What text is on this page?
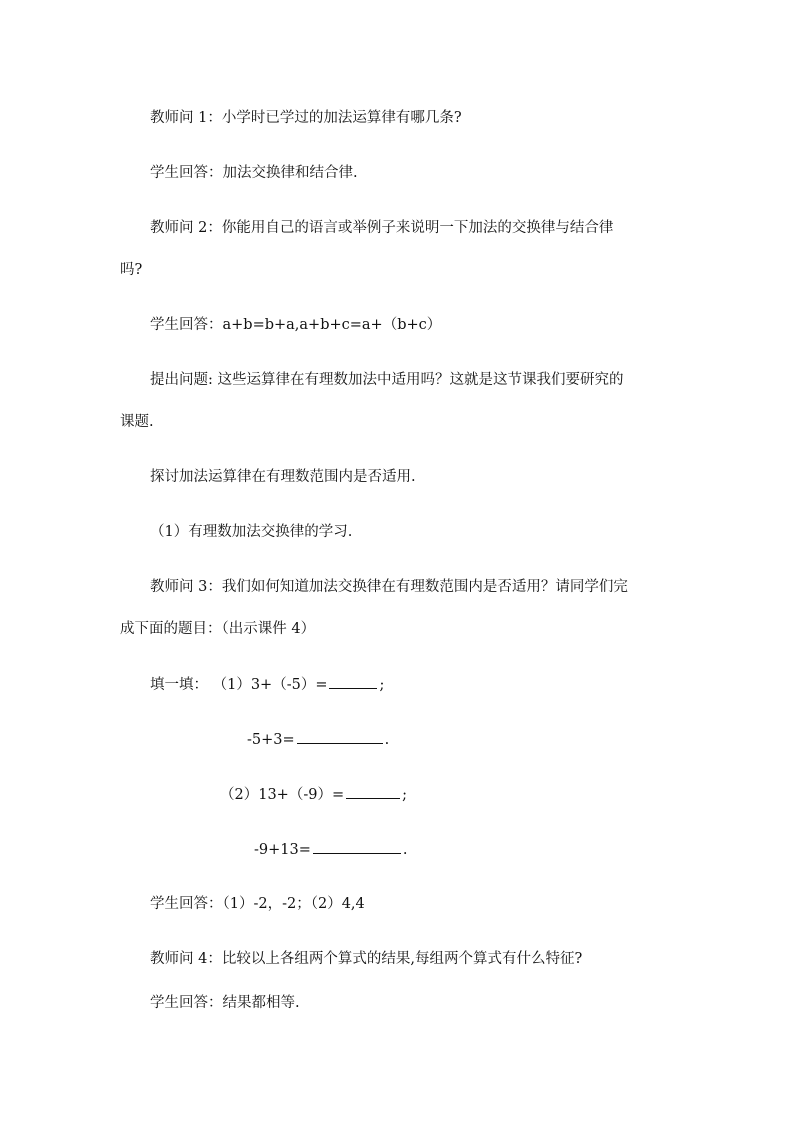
教师问 1：小学时已学过的加法运算律有哪几条?
学生回答：加法交换律和结合律.
教师问 2：你能用自己的语言或举例子来说明一下加法的交换律与结合律
吗?
学生回答：a+b=b+a,a+b+c=a+（b+c）
提出问题: 这些运算律在有理数加法中适用吗？这就是这节课我们要研究的
课题.
探讨加法运算律在有理数范围内是否适用.
（1）有理数加法交换律的学习.
教师问 3：我们如何知道加法交换律在有理数范围内是否适用？请同学们完
成下面的题目：（出示课件 4）
填一填： （1）3+（-5）=	;
-5+3=	.
（2）13+（-9）=	;
-9+13=	.
学生回答：（1）-2，-2；（2）4,4
教师问 4：比较以上各组两个算式的结果,每组两个算式有什么特征?
学生回答：结果都相等.
